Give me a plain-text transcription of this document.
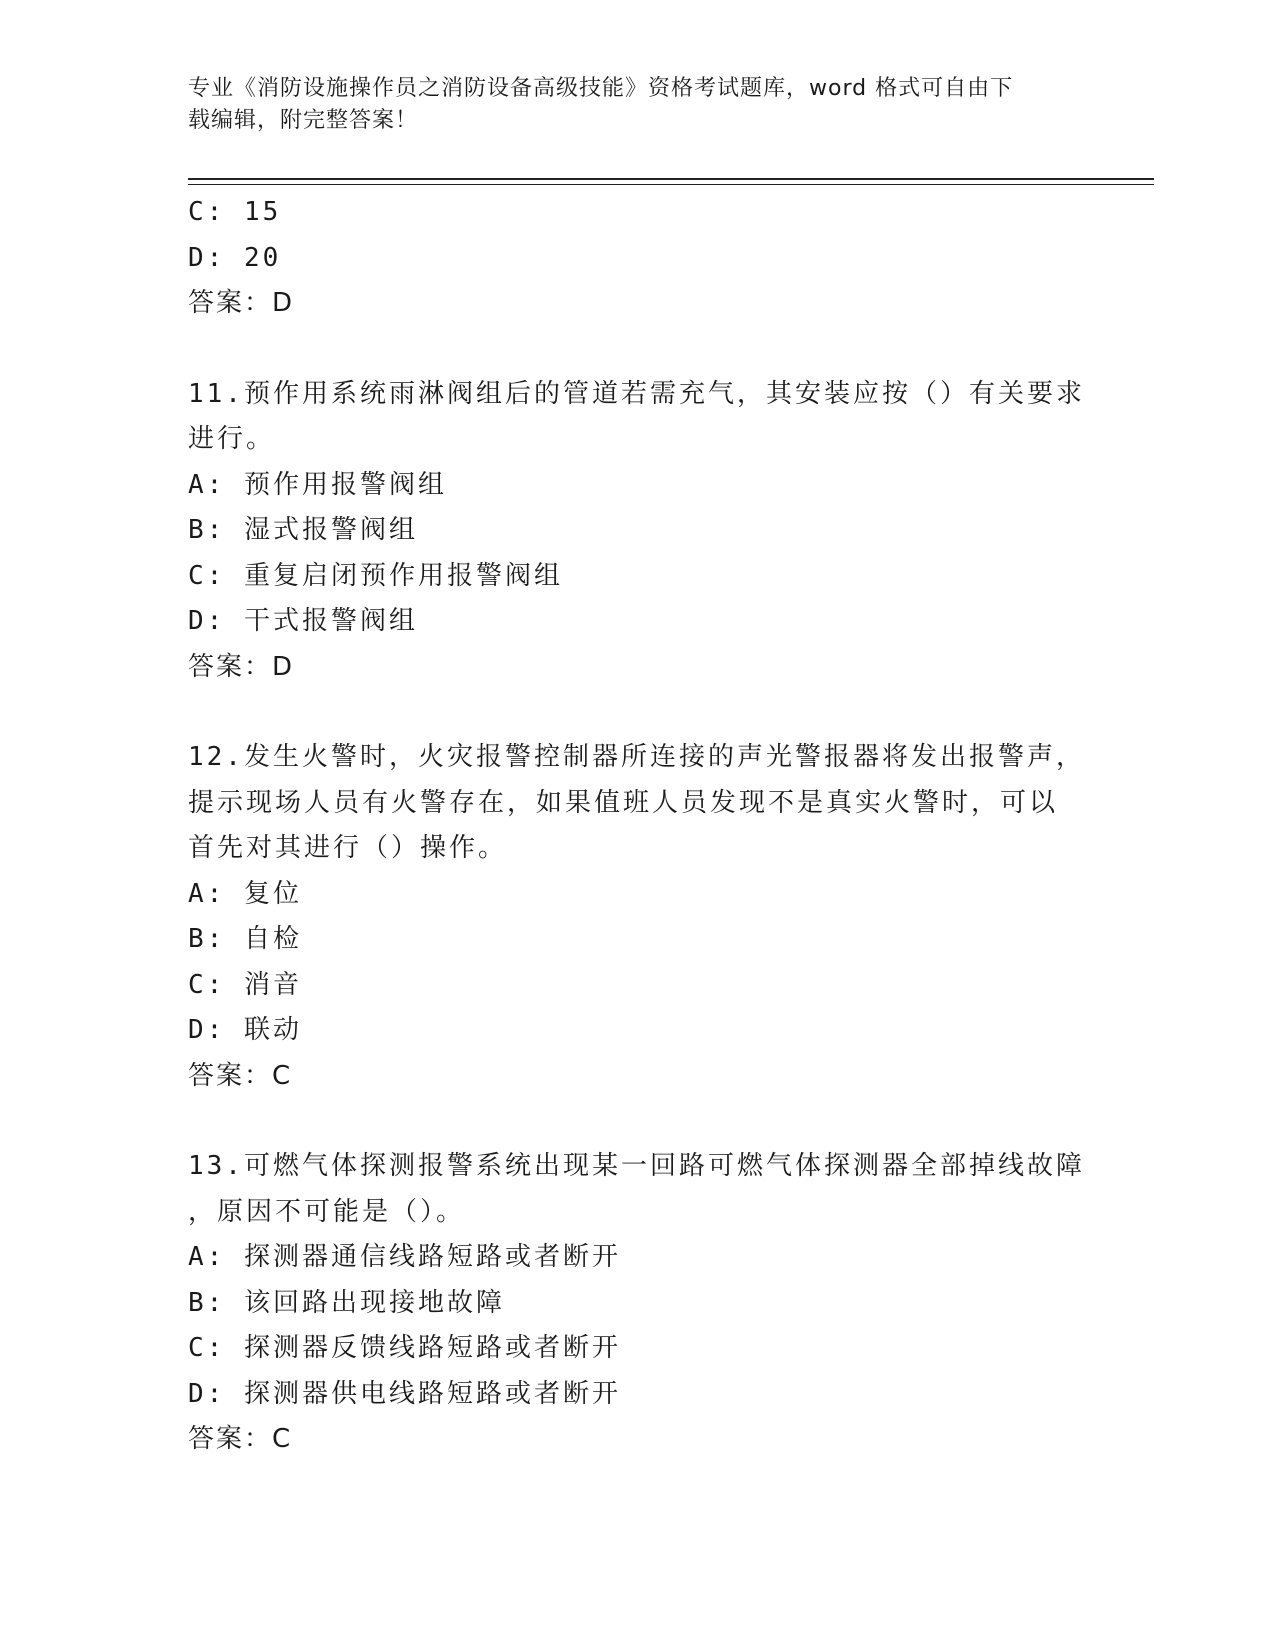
专业《消防设施操作员之消防设备高级技能》资格考试题库，word 格式可自由下
载编辑，附完整答案！
C: 15
D: 20
答案：D
11.预作用系统雨淋阀组后的管道若需充气，其安装应按（）有关要求
进行。
A: 预作用报警阀组
B: 湿式报警阀组
C: 重复启闭预作用报警阀组
D: 干式报警阀组
答案：D
12.发生火警时，火灾报警控制器所连接的声光警报器将发出报警声，
提示现场人员有火警存在，如果值班人员发现不是真实火警时，可以
首先对其进行（）操作。
A: 复位
B: 自检
C: 消音
D: 联动
答案：C
13.可燃气体探测报警系统出现某一回路可燃气体探测器全部掉线故障
，原因不可能是（）。
A: 探测器通信线路短路或者断开
B: 该回路出现接地故障
C: 探测器反馈线路短路或者断开
D: 探测器供电线路短路或者断开
答案：C
